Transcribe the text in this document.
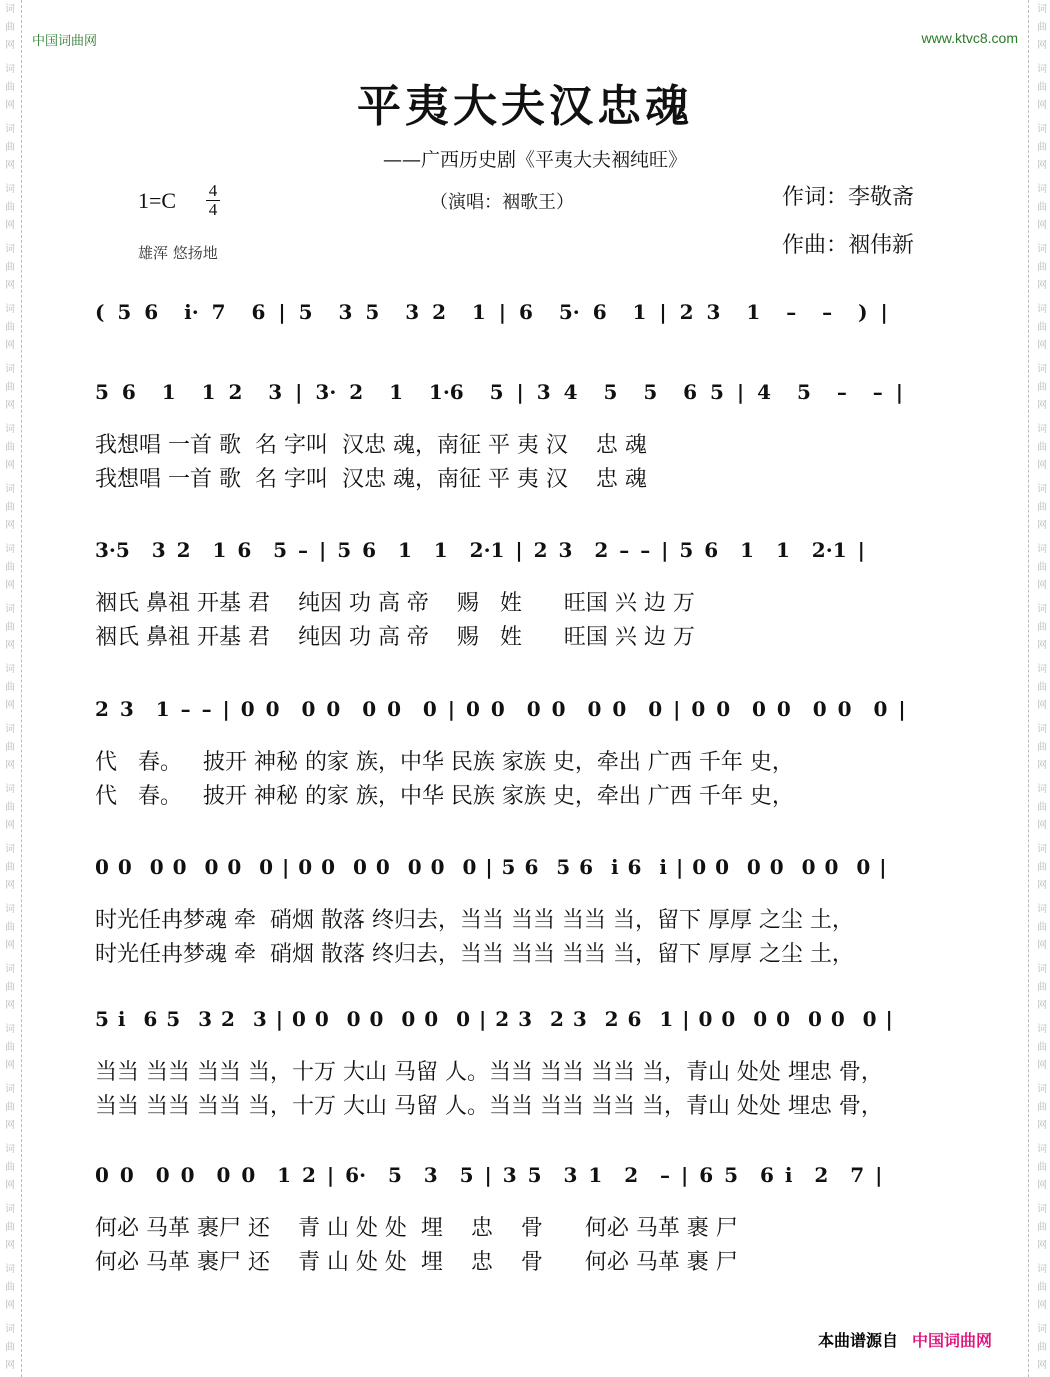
词
曲
网
词
曲
网
词
曲
网
词
曲
网
词
曲
网
词
曲
网
词
曲
网
词
曲
网
词
曲
网
词
曲
网
词
曲
网
词
曲
网
词
曲
网
词
曲
网
词
曲
网
词
曲
网
词
曲
网
词
曲
网
词
曲
网
词
曲
网
词
曲
网
词
曲
网
词
曲
网
词
曲
网
词
曲
网
词
曲
网
词
曲
网
词
曲
网
词
曲
网
词
曲
网
词
曲
网
词
曲
网
词
曲
网
词
曲
网
词
曲
网
词
曲
网
词
曲
网
词
曲
网
词
曲
网
词
曲
网
词
曲
网
词
曲
网
词
曲
网
词
曲
网
词
曲
网
词
曲
网
中国词曲网	www.ktvc8.com
平夷大夫汉忠魂
——广西历史剧《平夷大夫裀纯旺》
1=C 4
4	（演唱：裀歌王）
雄浑 悠扬地
作词：李敬斋
作曲：裀伟新
( 5 6  i· 7  6 | 5  3 5  3 2  1 | 6  5· 6  1 | 2 3  1  –  –  ) |
5 6  1  1 2  3 | 3· 2  1  1·6  5 | 3 4  5  5  6 5 | 4  5  –  – |
我想唱 一首 歌  名 字叫  汉忠 魂，南征 平 夷 汉    忠 魂
我想唱 一首 歌  名 字叫  汉忠 魂，南征 平 夷 汉    忠 魂
3·5  3 2  1 6  5 – | 5 6  1  1  2·1 | 2 3  2 – – | 5 6  1  1  2·1 |
裀氏 鼻祖 开基 君    纯因 功 高 帝    赐   姓      旺国 兴 边 万
裀氏 鼻祖 开基 君    纯因 功 高 帝    赐   姓      旺国 兴 边 万
2 3  1 – – | 0 0  0 0  0 0  0 | 0 0  0 0  0 0  0 | 0 0  0 0  0 0  0 |
代   春。   披开 神秘 的家 族，中华 民族 家族 史，牵出 广西 千年 史，
代   春。   披开 神秘 的家 族，中华 民族 家族 史，牵出 广西 千年 史，
0 0  0 0  0 0  0 | 0 0  0 0  0 0  0 | 5 6  5 6  i 6  i | 0 0  0 0  0 0  0 |
时光任冉梦魂 牵  硝烟 散落 终归去，当当 当当 当当 当，留下 厚厚 之尘 土，
时光任冉梦魂 牵  硝烟 散落 终归去，当当 当当 当当 当，留下 厚厚 之尘 土，
5 i  6 5  3 2  3 | 0 0  0 0  0 0  0 | 2 3  2 3  2 6  1 | 0 0  0 0  0 0  0 |
当当 当当 当当 当，十万 大山 马留 人。当当 当当 当当 当，青山 处处 埋忠 骨，
当当 当当 当当 当，十万 大山 马留 人。当当 当当 当当 当，青山 处处 埋忠 骨，
0 0  0 0  0 0  1 2 | 6·  5  3  5 | 3 5  3 1  2  – | 6 5  6 i  2  7 |
何必 马革 裹尸 还    青 山 处 处  埋    忠    骨      何必 马革 裹 尸
何必 马革 裹尸 还    青 山 处 处  埋    忠    骨      何必 马革 裹 尸
本曲谱源自 中国词曲网
